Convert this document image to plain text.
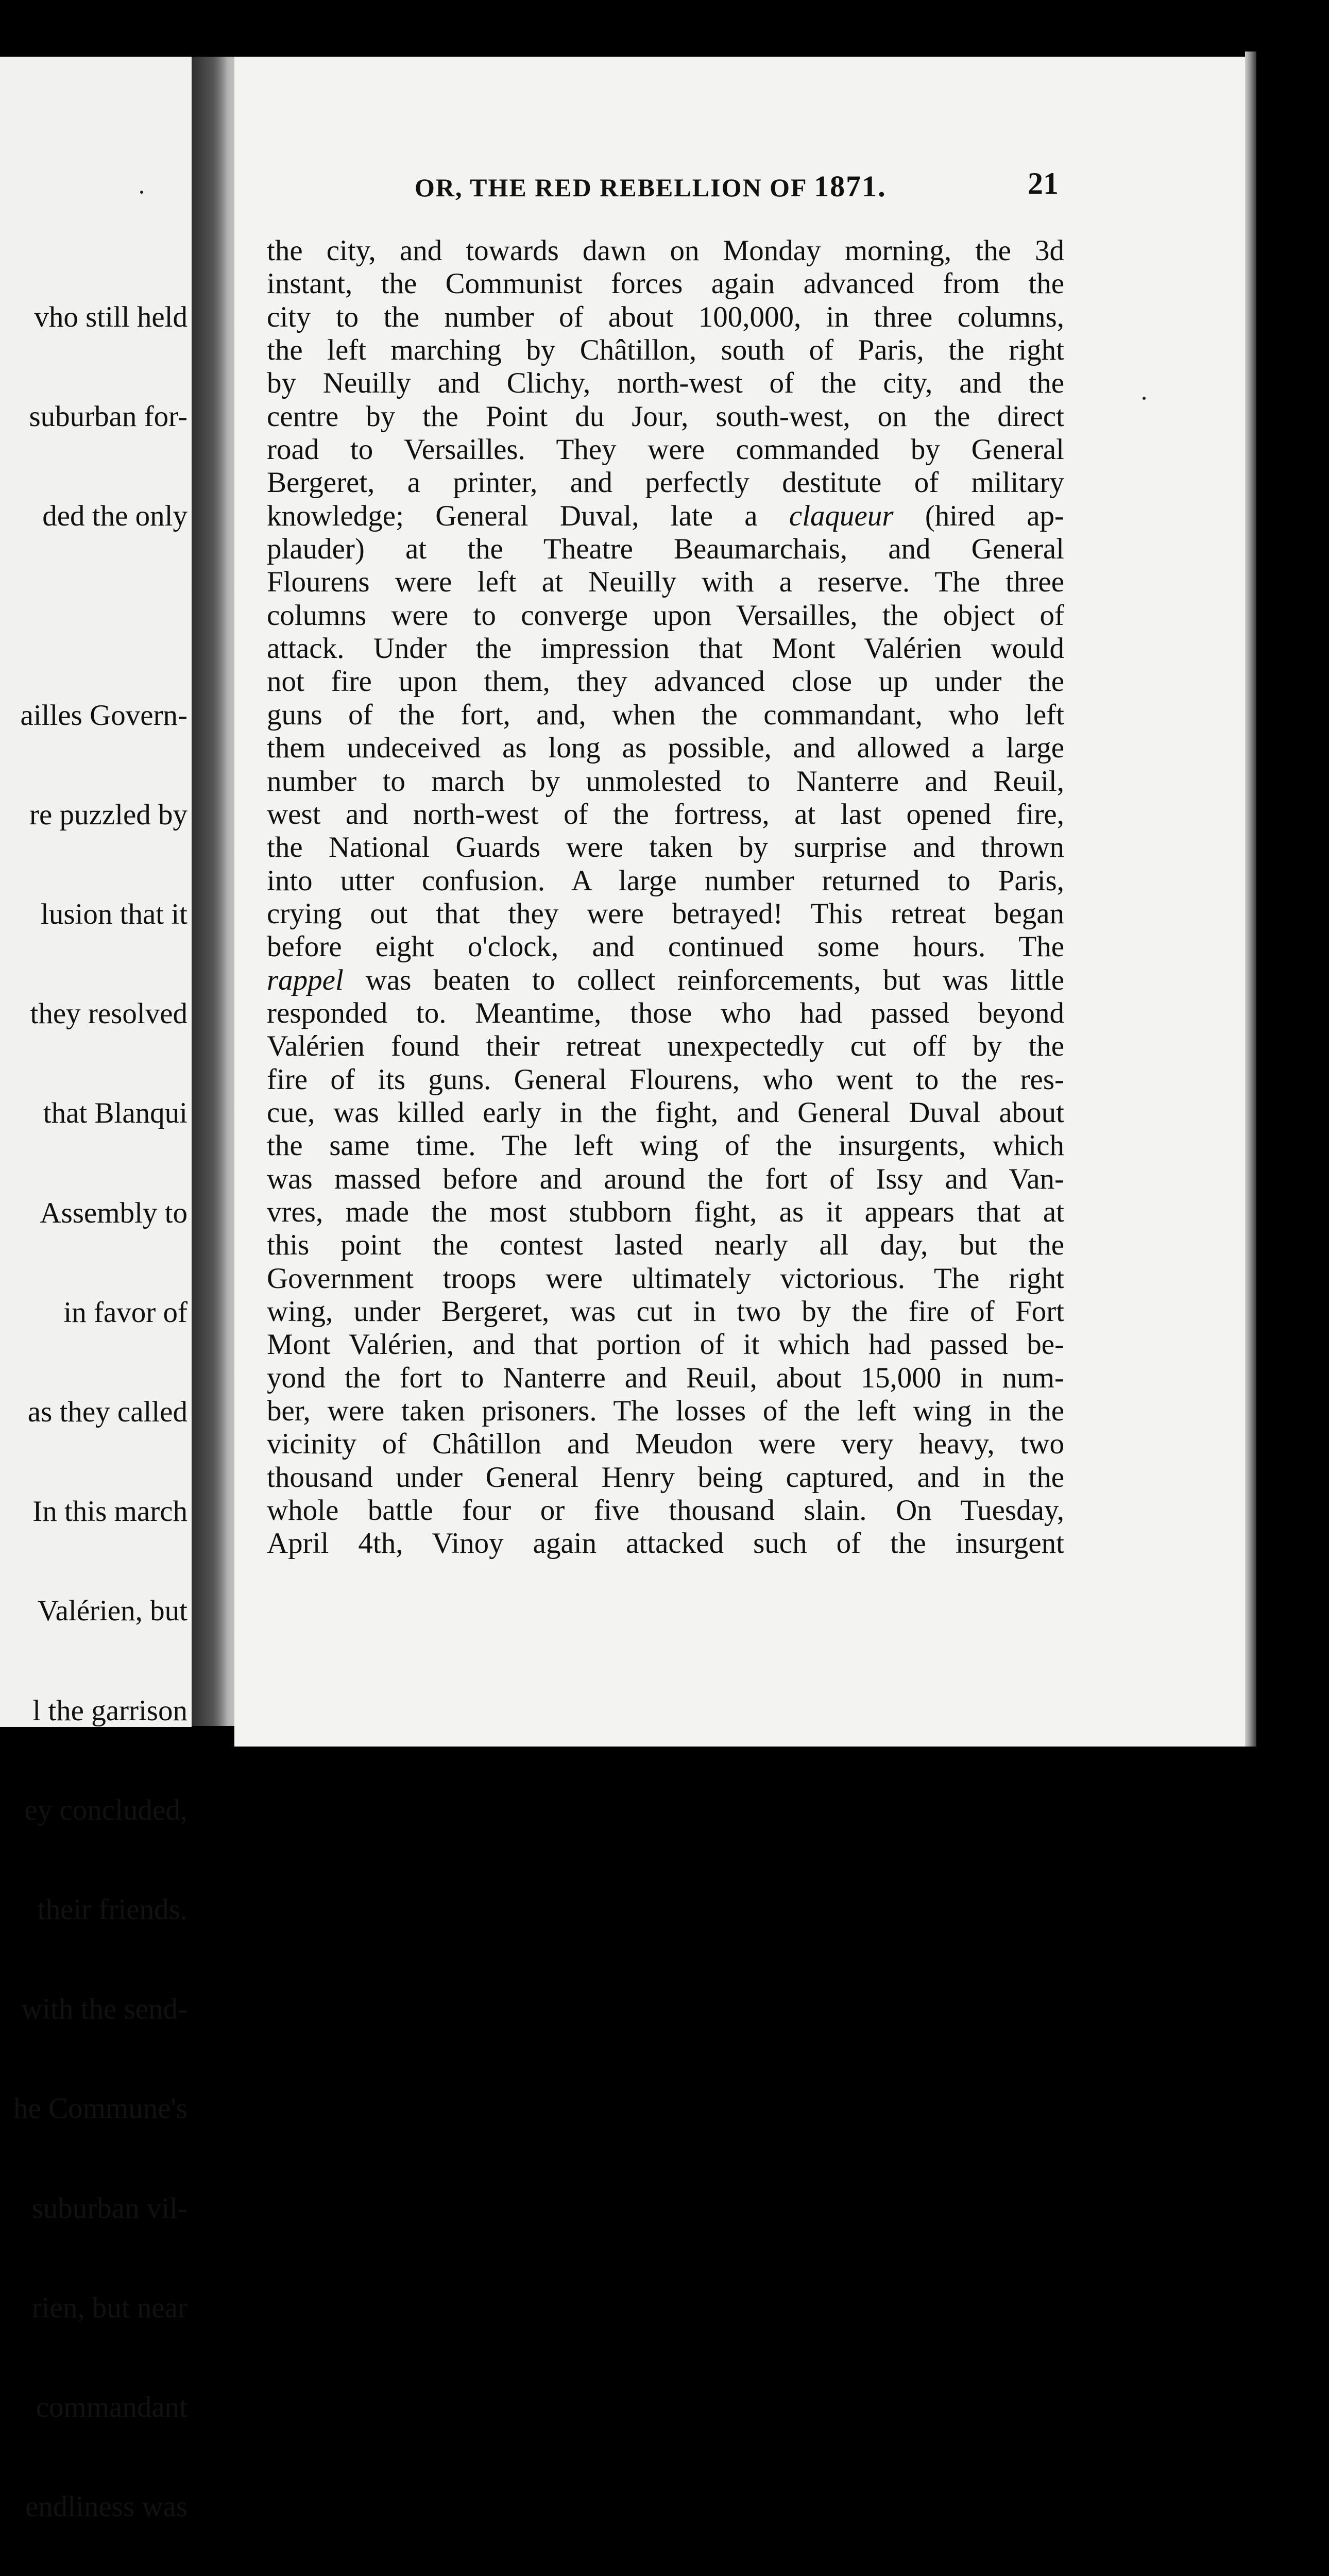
vho still held

suburban for-

ded the only

ailles Govern-

re puzzled by

lusion that it

they resolved

that Blanqui

Assembly to

in favor of

as they called

In this march

Valérien, but

l the garrison

ey concluded,

their friends.

with the send-

he Commune's

suburban vil-

rien, but near

commandant

endliness was

OR, THE RED REBELLION OF 1871.	21
the city, and towards dawn on Monday morning, the 3d
instant, the Communist forces again advanced from the
city to the number of about 100,000, in three columns,
the left marching by Châtillon, south of Paris, the right
by Neuilly and Clichy, north-west of the city, and the
centre by the Point du Jour, south-west, on the direct
road to Versailles. They were commanded by General
Bergeret, a printer, and perfectly destitute of military
knowledge; General Duval, late a claqueur (hired ap-
plauder) at the Theatre Beaumarchais, and General
Flourens were left at Neuilly with a reserve. The three
columns were to converge upon Versailles, the object of
attack. Under the impression that Mont Valérien would
not fire upon them, they advanced close up under the
guns of the fort, and, when the commandant, who left
them undeceived as long as possible, and allowed a large
number to march by unmolested to Nanterre and Reuil,
west and north-west of the fortress, at last opened fire,
the National Guards were taken by surprise and thrown
into utter confusion. A large number returned to Paris,
crying out that they were betrayed! This retreat began
before eight o'clock, and continued some hours. The
rappel was beaten to collect reinforcements, but was little
responded to. Meantime, those who had passed beyond
Valérien found their retreat unexpectedly cut off by the
fire of its guns. General Flourens, who went to the res-
cue, was killed early in the fight, and General Duval about
the same time. The left wing of the insurgents, which
was massed before and around the fort of Issy and Van-
vres, made the most stubborn fight, as it appears that at
this point the contest lasted nearly all day, but the
Government troops were ultimately victorious. The right
wing, under Bergeret, was cut in two by the fire of Fort
Mont Valérien, and that portion of it which had passed be-
yond the fort to Nanterre and Reuil, about 15,000 in num-
ber, were taken prisoners. The losses of the left wing in the
vicinity of Châtillon and Meudon were very heavy, two
thousand under General Henry being captured, and in the
whole battle four or five thousand slain. On Tuesday,
April 4th, Vinoy again attacked such of the insurgent
